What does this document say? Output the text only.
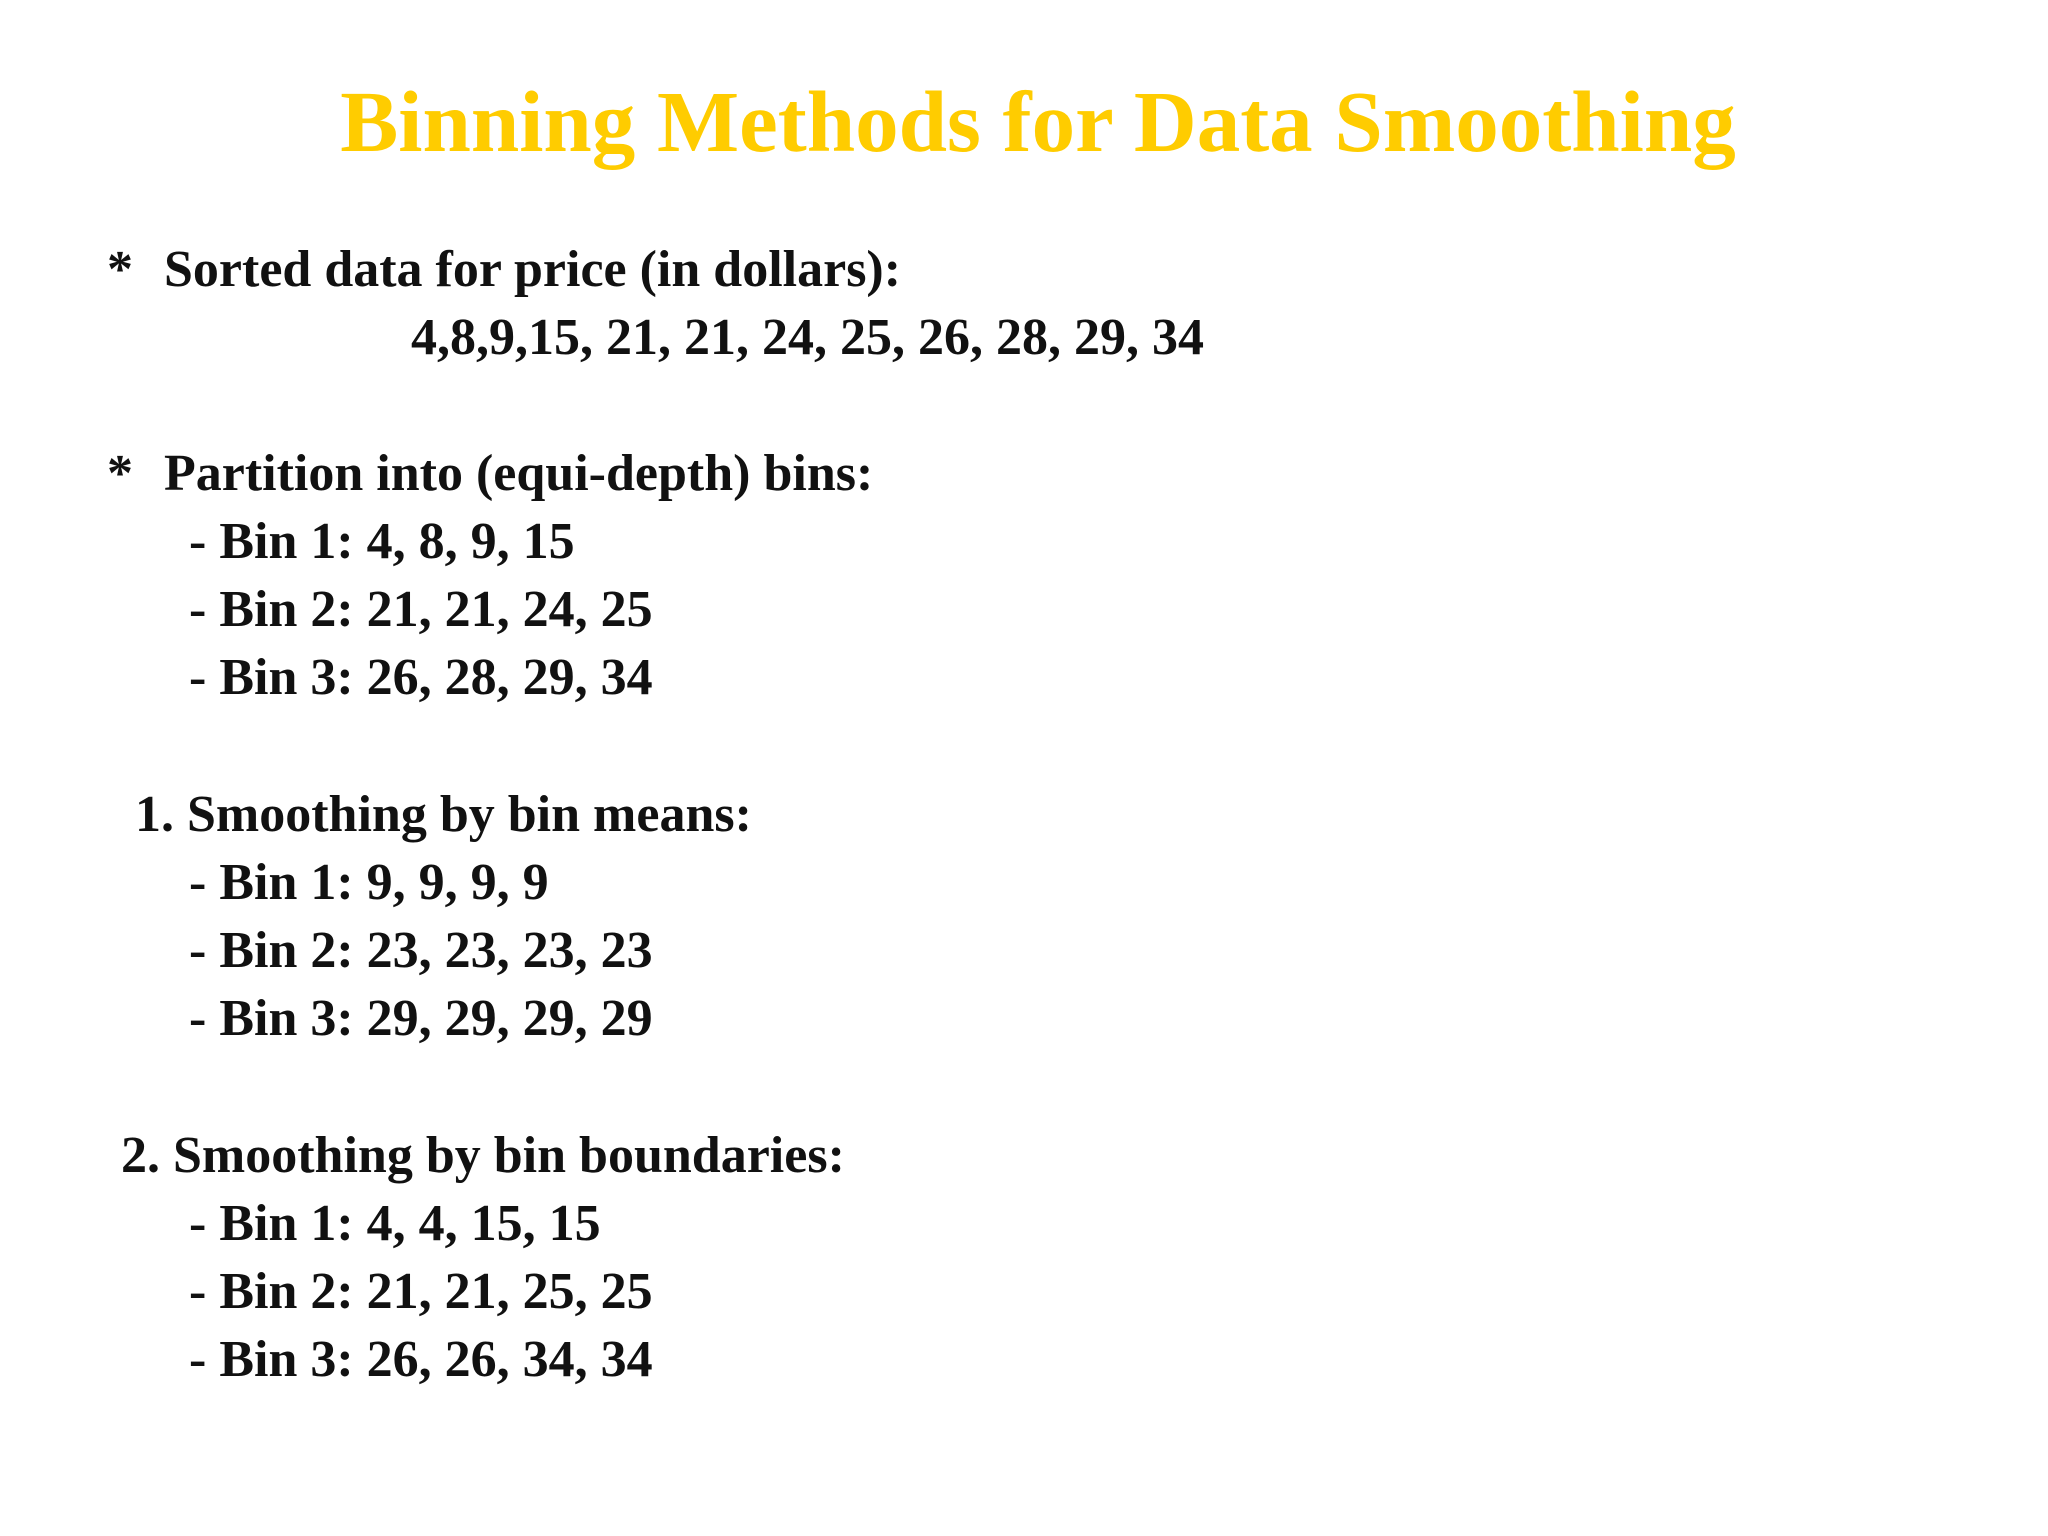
Binning Methods for Data Smoothing
* Sorted data for price (in dollars):
4,8,9,15, 21, 21, 24, 25, 26, 28, 29, 34
* Partition into (equi-depth) bins:
- Bin 1: 4, 8, 9, 15
- Bin 2: 21, 21, 24, 25
- Bin 3: 26, 28, 29, 34
1. Smoothing by bin means:
- Bin 1: 9, 9, 9, 9
- Bin 2: 23, 23, 23, 23
- Bin 3: 29, 29, 29, 29
2. Smoothing by bin boundaries:
- Bin 1: 4, 4, 15, 15
- Bin 2: 21, 21, 25, 25
- Bin 3: 26, 26, 34, 34
